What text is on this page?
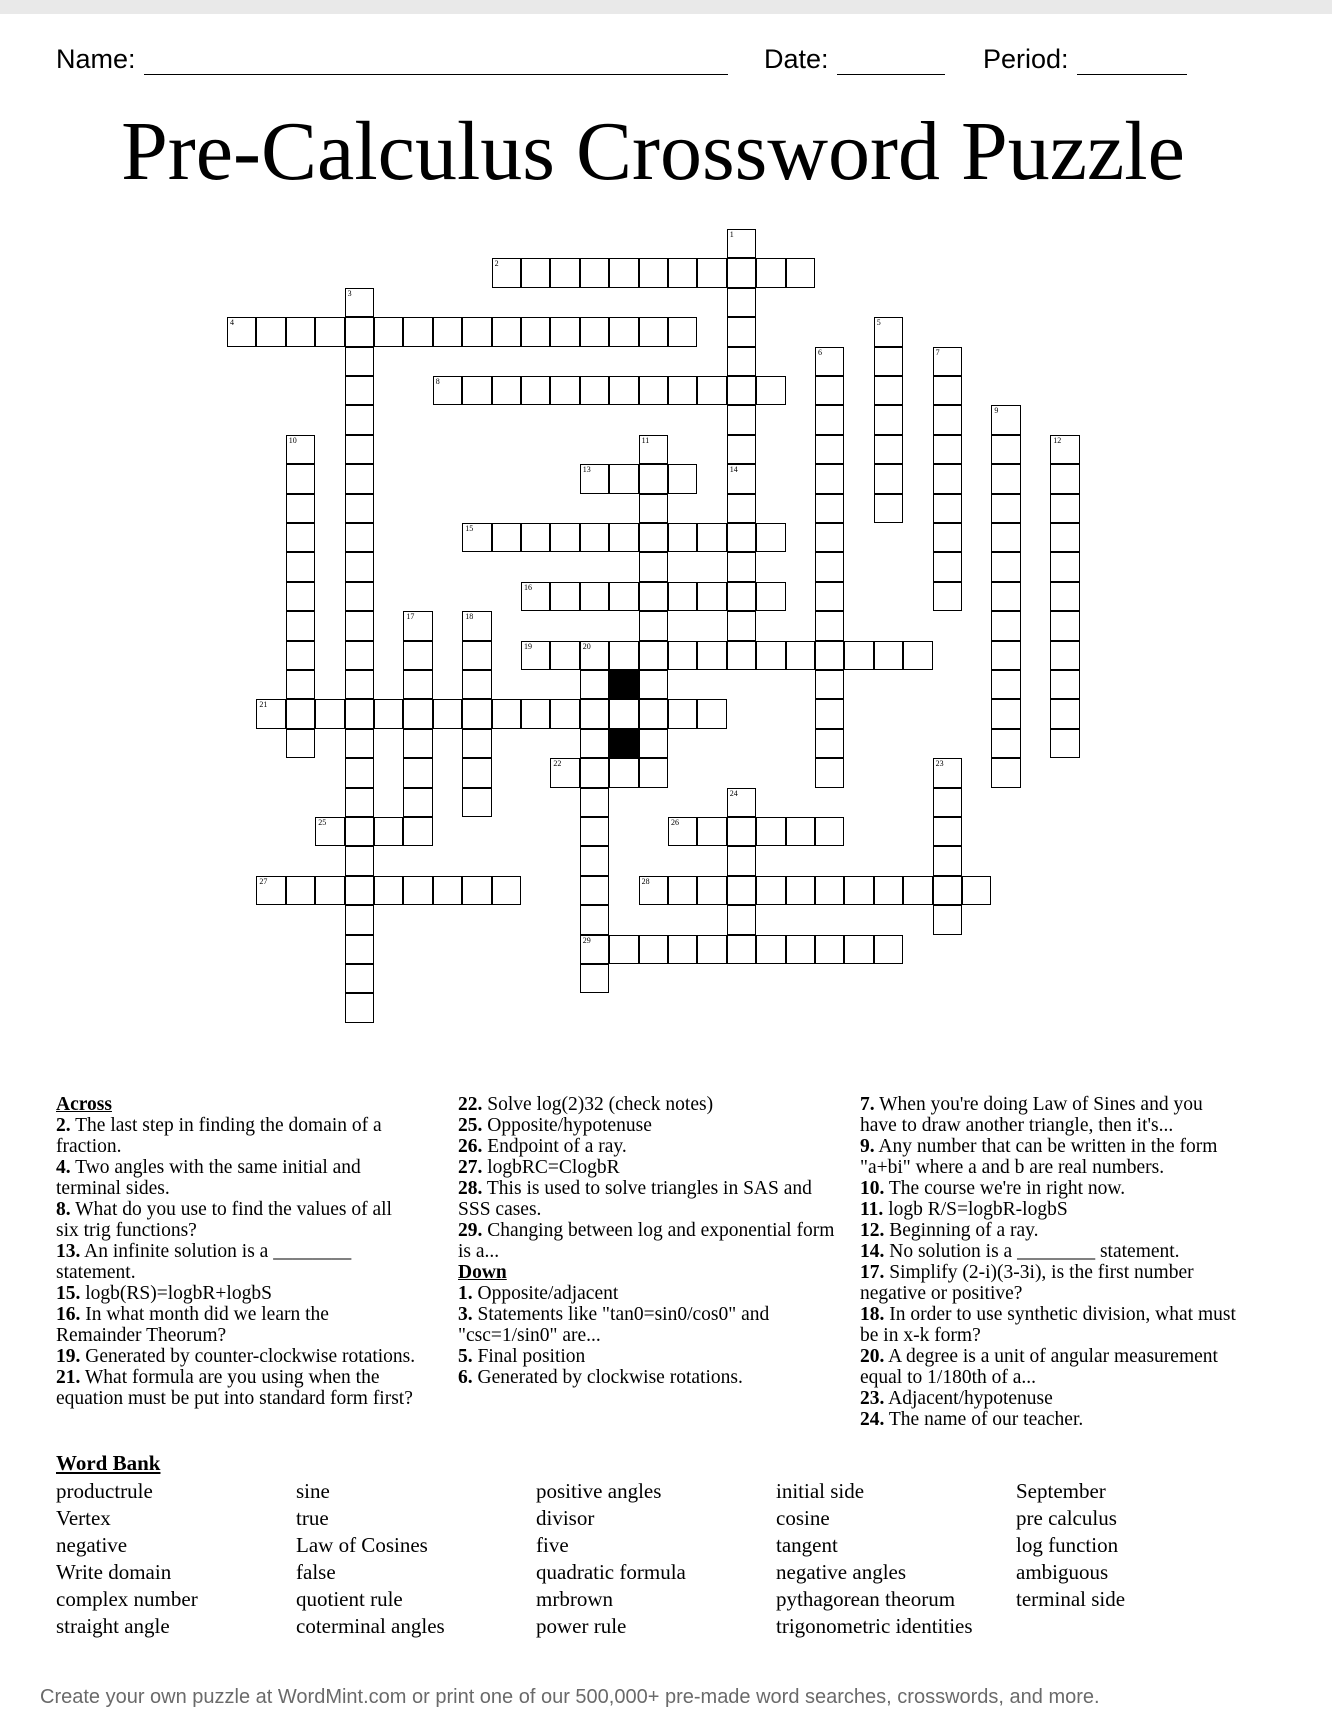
Name:	Date:	Period:
Pre-Calculus Crossword Puzzle
1
2
3
4	5
6	7
8
9
10	11	12
13	14
15
16
17	18
19	20
21
22	23
24
25	26
27	28
29
Across
2. The last step in finding the domain of a fraction.
4. Two angles with the same initial and terminal sides.
8. What do you use to find the values of all six trig functions?
13. An infinite solution is a ________ statement.
15. logb(RS)=logbR+logbS
16. In what month did we learn the Remainder Theorum?
19. Generated by counter-clockwise rotations.
21. What formula are you using when the equation must be put into standard form first?
22. Solve log(2)32 (check notes)
25. Opposite/hypotenuse
26. Endpoint of a ray.
27. logbRC=ClogbR
28. This is used to solve triangles in SAS and SSS cases.
29. Changing between log and exponential form is a...
Down
1. Opposite/adjacent
3. Statements like "tan0=sin0/cos0" and "csc=1/sin0" are...
5. Final position
6. Generated by clockwise rotations.
7. When you're doing Law of Sines and you have to draw another triangle, then it's...
9. Any number that can be written in the form "a+bi" where a and b are real numbers.
10. The course we're in right now.
11. logb R/S=logbR-logbS
12. Beginning of a ray.
14. No solution is a ________ statement.
17. Simplify (2-i)(3-3i), is the first number negative or positive?
18. In order to use synthetic division, what must be in x-k form?
20. A degree is a unit of angular measurement equal to 1/180th of a...
23. Adjacent/hypotenuse
24. The name of our teacher.
Word Bank
productrule
Vertex
negative
Write domain
complex number
straight angle
sine
true
Law of Cosines
false
quotient rule
coterminal angles
positive angles
divisor
five
quadratic formula
mrbrown
power rule
initial side
cosine
tangent
negative angles
pythagorean theorum
trigonometric identities
September
pre calculus
log function
ambiguous
terminal side
Create your own puzzle at WordMint.com or print one of our 500,000+ pre-made word searches, crosswords, and more.
